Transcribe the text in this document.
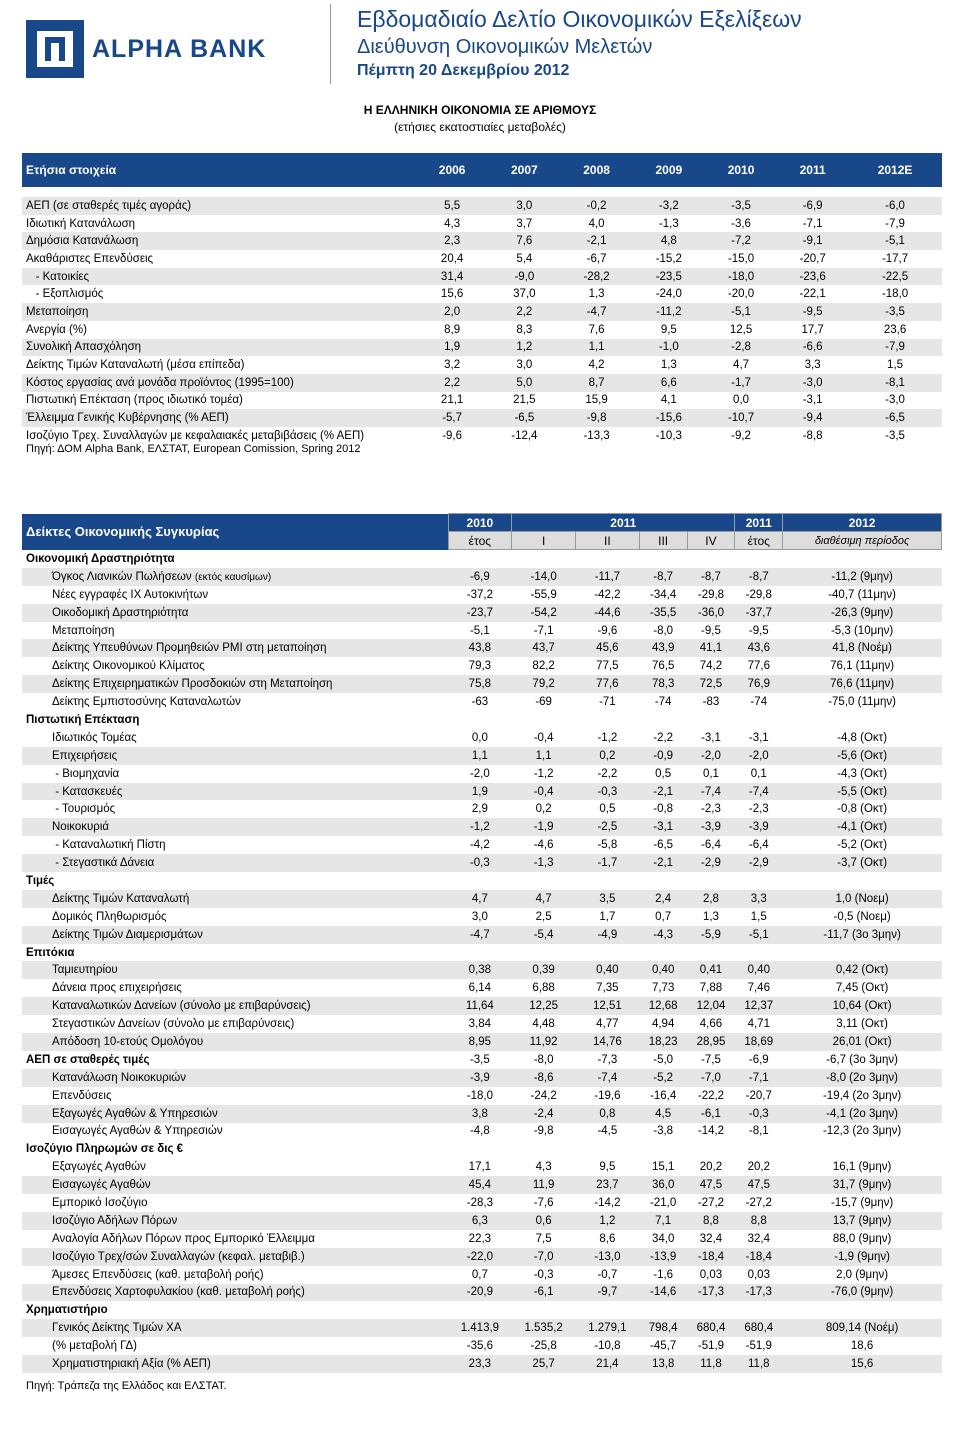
ALPHA BANK
Εβδομαδιαίο Δελτίο Οικονομικών Εξελίξεων
Διεύθυνση Οικονομικών Μελετών
Πέμπτη 20 Δεκεμβρίου 2012
Η ΕΛΛΗΝΙΚΗ ΟΙΚΟΝΟΜΙΑ ΣΕ ΑΡΙΘΜΟΥΣ
(ετήσιες εκατοστιαίες μεταβολές)
Ετήσια στοιχεία	2006	2007	2008	2009	2010	2011	2012E

ΑΕΠ (σε σταθερές τιμές αγοράς)	5,5	3,0	-0,2	-3,2	-3,5	-6,9	-6,0
Ιδιωτική Κατανάλωση	4,3	3,7	4,0	-1,3	-3,6	-7,1	-7,9
Δημόσια Κατανάλωση	2,3	7,6	-2,1	4,8	-7,2	-9,1	-5,1
Ακαθάριστες Επενδύσεις	20,4	5,4	-6,7	-15,2	-15,0	-20,7	-17,7
- Κατοικίες	31,4	-9,0	-28,2	-23,5	-18,0	-23,6	-22,5
- Εξοπλισμός	15,6	37,0	1,3	-24,0	-20,0	-22,1	-18,0
Μεταποίηση	2,0	2,2	-4,7	-11,2	-5,1	-9,5	-3,5
Ανεργία (%)	8,9	8,3	7,6	9,5	12,5	17,7	23,6
Συνολική Απασχόληση	1,9	1,2	1,1	-1,0	-2,8	-6,6	-7,9
Δείκτης Τιμών Καταναλωτή (μέσα επίπεδα)	3,2	3,0	4,2	1,3	4,7	3,3	1,5
Κόστος εργασίας ανά μονάδα προϊόντος (1995=100)	2,2	5,0	8,7	6,6	-1,7	-3,0	-8,1
Πιστωτική Επέκταση (προς ιδιωτικό τομέα)	21,1	21,5	15,9	4,1	0,0	-3,1	-3,0
Έλλειμμα Γενικής Κυβέρνησης (% ΑΕΠ)	-5,7	-6,5	-9,8	-15,6	-10,7	-9,4	-6,5
Ισοζύγιο Τρεχ. Συναλλαγών με κεφαλαιακές μεταβιβάσεις (% ΑΕΠ)	-9,6	-12,4	-13,3	-10,3	-9,2	-8,8	-3,5
Πηγή: ΔΟΜ Alpha Bank, ΕΛΣΤΑΤ, European Comission, Spring 2012
Δείκτες Οικονομικής Συγκυρίας	2010	2011				2011	2012
	έτος	I	II	III	IV	έτος	διαθέσιμη περίοδος
Οικονομική Δραστηριότητα							
Όγκος Λιανικών Πωλήσεων (εκτός καυσίμων)	-6,9	-14,0	-11,7	-8,7	-8,7	-8,7	-11,2 (9μην)
Νέες εγγραφές ΙΧ Αυτοκινήτων	-37,2	-55,9	-42,2	-34,4	-29,8	-29,8	-40,7 (11μην)
Οικοδομική Δραστηριότητα	-23,7	-54,2	-44,6	-35,5	-36,0	-37,7	-26,3 (9μην)
Μεταποίηση	-5,1	-7,1	-9,6	-8,0	-9,5	-9,5	-5,3 (10μην)
Δείκτης Υπευθύνων Προμηθειών PMI στη μεταποίηση	43,8	43,7	45,6	43,9	41,1	43,6	41,8 (Νοέμ)
Δείκτης Οικονομικού Κλίματος	79,3	82,2	77,5	76,5	74,2	77,6	76,1 (11μην)
Δείκτης Επιχειρηματικών Προσδοκιών στη Μεταποίηση	75,8	79,2	77,6	78,3	72,5	76,9	76,6 (11μην)
Δείκτης Εμπιστοσύνης Καταναλωτών	-63	-69	-71	-74	-83	-74	-75,0 (11μην)
Πιστωτική Επέκταση							
Ιδιωτικός Τομέας	0,0	-0,4	-1,2	-2,2	-3,1	-3,1	-4,8 (Οκτ)
Επιχειρήσεις	1,1	1,1	0,2	-0,9	-2,0	-2,0	-5,6 (Οκτ)
- Βιομηχανία	-2,0	-1,2	-2,2	0,5	0,1	0,1	-4,3 (Οκτ)
- Κατασκευές	1,9	-0,4	-0,3	-2,1	-7,4	-7,4	-5,5 (Οκτ)
- Τουρισμός	2,9	0,2	0,5	-0,8	-2,3	-2,3	-0,8 (Οκτ)
Νοικοκυριά	-1,2	-1,9	-2,5	-3,1	-3,9	-3,9	-4,1 (Οκτ)
- Καταναλωτική Πίστη	-4,2	-4,6	-5,8	-6,5	-6,4	-6,4	-5,2 (Οκτ)
- Στεγαστικά Δάνεια	-0,3	-1,3	-1,7	-2,1	-2,9	-2,9	-3,7 (Οκτ)
Τιμές							
Δείκτης Τιμών Καταναλωτή	4,7	4,7	3,5	2,4	2,8	3,3	1,0 (Νοεμ)
Δομικός Πληθωρισμός	3,0	2,5	1,7	0,7	1,3	1,5	-0,5 (Νοεμ)
Δείκτης Τιμών Διαμερισμάτων	-4,7	-5,4	-4,9	-4,3	-5,9	-5,1	-11,7 (3ο 3μην)
Επιτόκια							
Ταμιευτηρίου	0,38	0,39	0,40	0,40	0,41	0,40	0,42 (Οκτ)
Δάνεια προς επιχειρήσεις	6,14	6,88	7,35	7,73	7,88	7,46	7,45 (Οκτ)
Καταναλωτικών Δανείων (σύνολο με επιβαρύνσεις)	11,64	12,25	12,51	12,68	12,04	12,37	10,64 (Οκτ)
Στεγαστικών Δανείων (σύνολο με επιβαρύνσεις)	3,84	4,48	4,77	4,94	4,66	4,71	3,11 (Οκτ)
Απόδοση 10-ετούς Ομολόγου	8,95	11,92	14,76	18,23	28,95	18,69	26,01 (Οκτ)
ΑΕΠ σε σταθερές τιμές	-3,5	-8,0	-7,3	-5,0	-7,5	-6,9	-6,7 (3ο 3μην)
Κατανάλωση Νοικοκυριών	-3,9	-8,6	-7,4	-5,2	-7,0	-7,1	-8,0 (2ο 3μην)
Επενδύσεις	-18,0	-24,2	-19,6	-16,4	-22,2	-20,7	-19,4 (2ο 3μην)
Εξαγωγές Αγαθών & Υπηρεσιών	3,8	-2,4	0,8	4,5	-6,1	-0,3	-4,1 (2ο 3μην)
Εισαγωγές Αγαθών & Υπηρεσιών	-4,8	-9,8	-4,5	-3,8	-14,2	-8,1	-12,3 (2ο 3μην)
Ισοζύγιο Πληρωμών σε δις €							
Εξαγωγές Αγαθών	17,1	4,3	9,5	15,1	20,2	20,2	16,1 (9μην)
Εισαγωγές Αγαθών	45,4	11,9	23,7	36,0	47,5	47,5	31,7 (9μην)
Εμπορικό Ισοζύγιο	-28,3	-7,6	-14,2	-21,0	-27,2	-27,2	-15,7 (9μην)
Ισοζύγιο Αδήλων Πόρων	6,3	0,6	1,2	7,1	8,8	8,8	13,7 (9μην)
Αναλογία Αδήλων Πόρων προς Εμπορικό Έλλειμμα	22,3	7,5	8,6	34,0	32,4	32,4	88,0 (9μην)
Ισοζύγιο Τρεχ/σών Συναλλαγών (κεφαλ. μεταβιβ.)	-22,0	-7,0	-13,0	-13,9	-18,4	-18,4	-1,9 (9μην)
Άμεσες Επενδύσεις (καθ. μεταβολή ροής)	0,7	-0,3	-0,7	-1,6	0,03	0,03	2,0 (9μην)
Επενδύσεις Χαρτοφυλακίου (καθ. μεταβολή ροής)	-20,9	-6,1	-9,7	-14,6	-17,3	-17,3	-76,0 (9μην)
Χρηματιστήριο							
Γενικός Δείκτης Τιμών ΧΑ	1.413,9	1.535,2	1.279,1	798,4	680,4	680,4	809,14 (Νοέμ)
(% μεταβολή ΓΔ)	-35,6	-25,8	-10,8	-45,7	-51,9	-51,9	18,6
Χρηματιστηριακή Αξία (% ΑΕΠ)	23,3	25,7	21,4	13,8	11,8	11,8	15,6
Πηγή: Τράπεζα της Ελλάδος και ΕΛΣΤΑΤ.
